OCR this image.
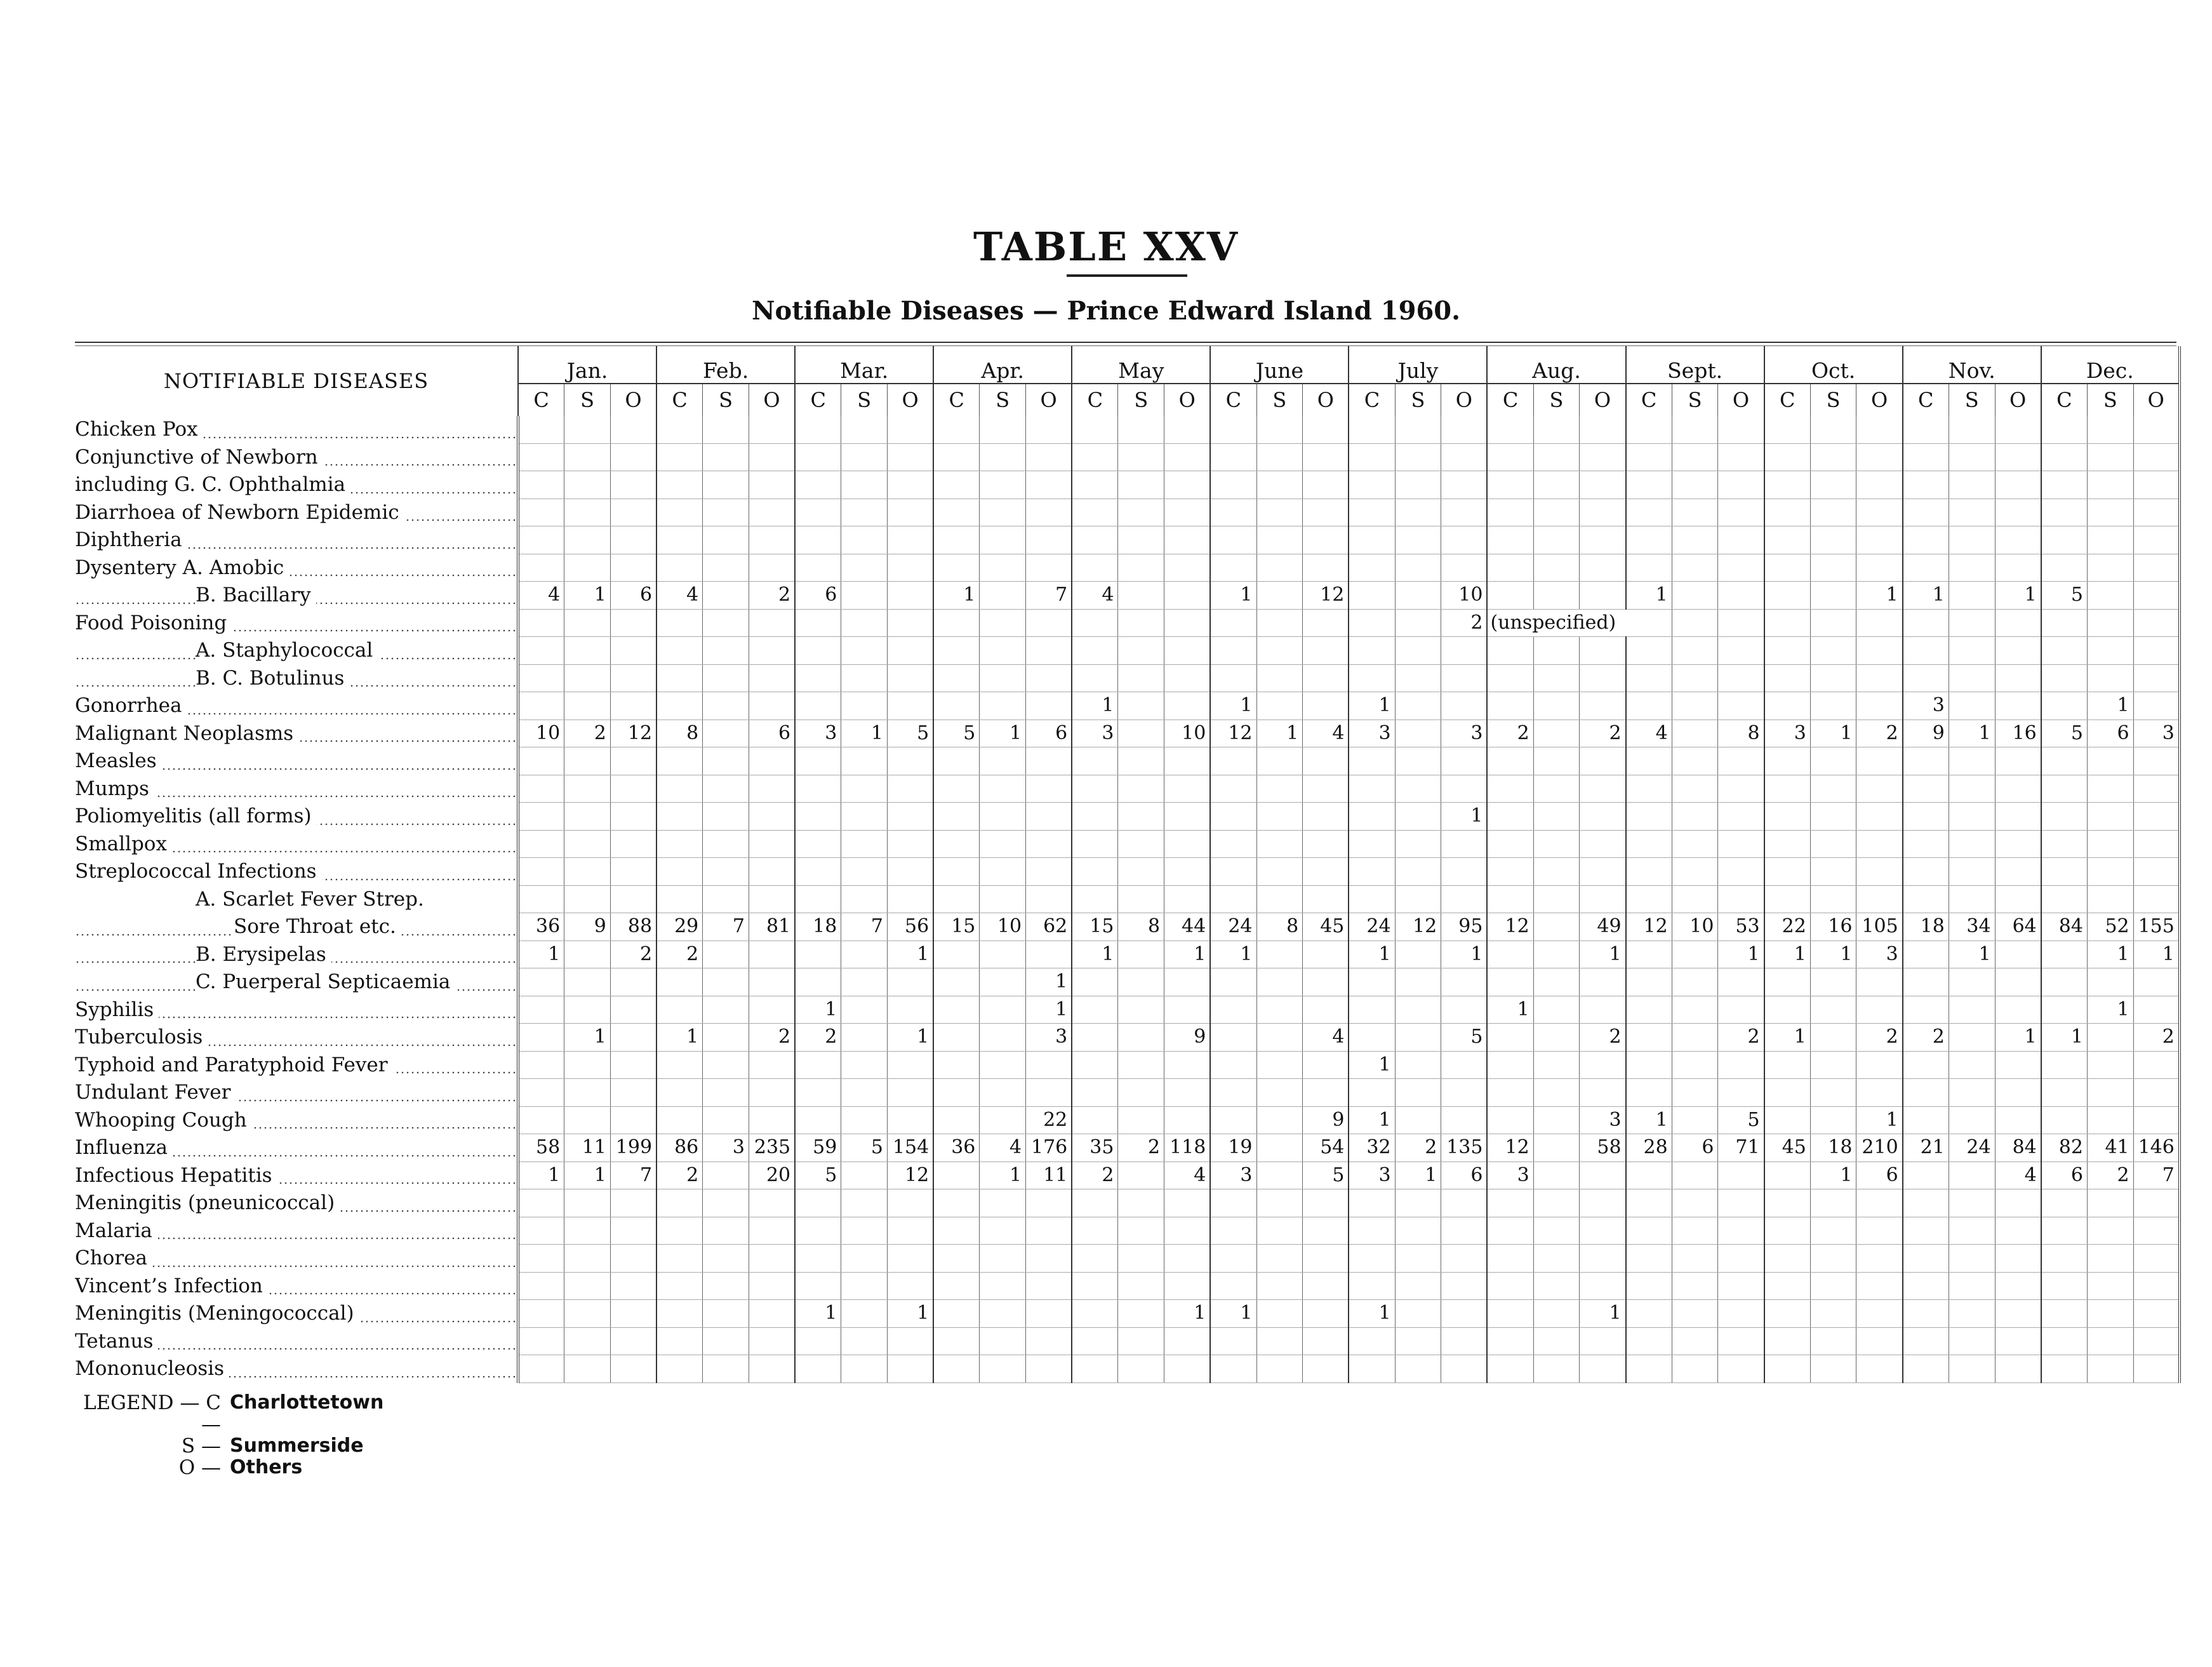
TABLE XXV
Notifiable Diseases — Prince Edward Island 1960.
NOTIFIABLE DISEASES	Jan.			Feb.			Mar.			Apr.			May			June			July			Aug.			Sept.			Oct.			Nov.			Dec.	
	C	S	O	C	S	O	C	S	O	C	S	O	C	S	O	C	S	O	C	S	O	C	S	O	C	S	O	C	S	O	C	S	O	C	S	O	
Chicken Pox																																					
Conjunctive of Newborn																																					
including G. C. Ophthalmia																																					
Diarrhoea of Newborn Epidemic																																					
Diphtheria																																					
Dysentery A. Amobic																																					
B. Bacillary	4	1	6	4		2	6			1		7	4			1		12			10				1					1	1		1	5			
Food Poisoning																					2	(unspecified)												
A. Staphylococcal																																					
B. C. Botulinus																																					
Gonorrhea													1			1			1												3				1		
Malignant Neoplasms	10	2	12	8		6	3	1	5	5	1	6	3		10	12	1	4	3		3	2		2	4		8	3	1	2	9	1	16	5	6	3	
Measles																																					
Mumps																																					
Poliomyelitis (all forms)																					1																
Smallpox																																					
Streplococcal Infections																																					
A. Scarlet Fever Strep.																																					
Sore Throat etc.	36	9	88	29	7	81	18	7	56	15	10	62	15	8	44	24	8	45	24	12	95	12		49	12	10	53	22	16	105	18	34	64	84	52	155	
B. Erysipelas	1		2	2					1				1		1	1			1		1			1			1	1	1	3		1			1	1	
C. Puerperal Septicaemia												1																									
Syphilis							1					1										1													1		
Tuberculosis		1		1		2	2		1			3			9			4			5			2			2	1		2	2		1	1		2	
Typhoid and Paratyphoid Fever																			1																		
Undulant Fever																																					
Whooping Cough												22						9	1					3	1		5			1							
Influenza	58	11	199	86	3	235	59	5	154	36	4	176	35	2	118	19		54	32	2	135	12		58	28	6	71	45	18	210	21	24	84	82	41	146	
Infectious Hepatitis	1	1	7	2		20	5		12		1	11	2		4	3		5	3	1	6	3							1	6			4	6	2	7	
Meningitis (pneunicoccal)																																					
Malaria																																					
Chorea																																					
Vincent’s Infection																																					
Meningitis (Meningococcal)							1		1						1	1			1					1													
Tetanus																																					
Mononucleosis																																					
LEGEND — C —
Charlottetown
S — Summerside
O — Others
